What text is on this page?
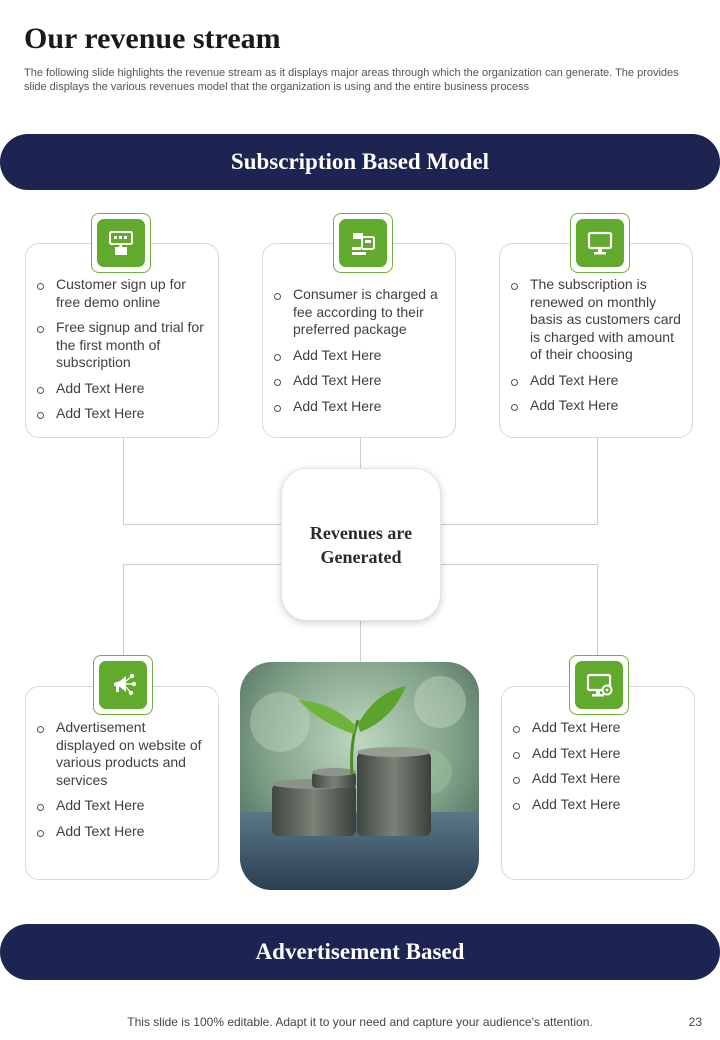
Our revenue stream

The following slide highlights the revenue stream as it displays major areas through which the organization can generate. The provides slide displays the various revenues model that the organization is using and the entire business process

Subscription Based Model
Customer sign up for free demo online
Free signup and trial for the first month of subscription
Add Text Here
Add Text Here
Consumer is charged a fee according to their preferred package
Add Text Here
Add Text Here
Add Text Here
The subscription is renewed on monthly basis as customers card is charged with amount of their choosing
Add Text Here
Add Text Here
Revenues are
Generated
Advertisement displayed on website of various products and services
Add Text Here
Add Text Here
Add Text Here
Add Text Here
Add Text Here
Add Text Here
Advertisement Based
This slide is 100% editable. Adapt it to your need and capture your audience’s attention.	23
